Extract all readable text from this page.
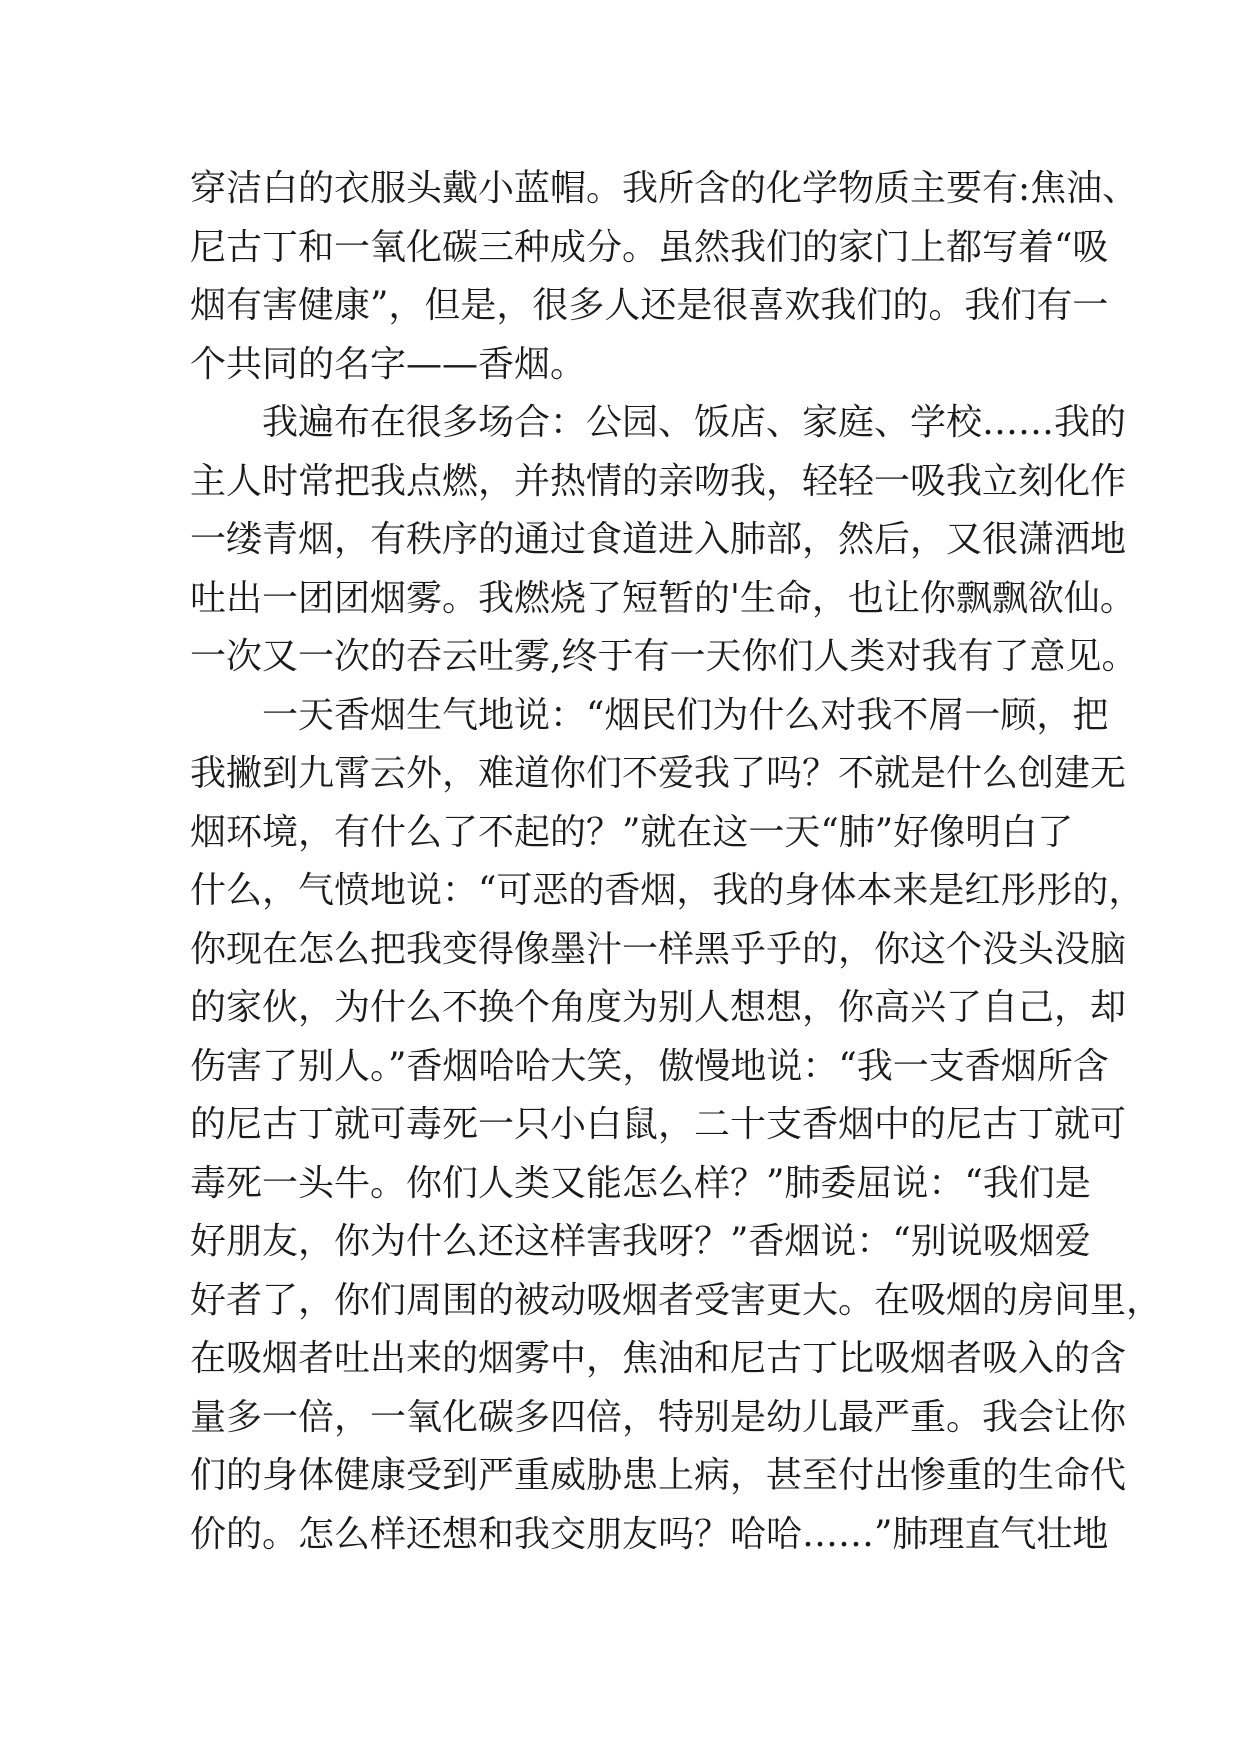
穿洁白的衣服头戴小蓝帽。我所含的化学物质主要有:焦油、
尼古丁和一氧化碳三种成分。虽然我们的家门上都写着“吸
烟有害健康”，但是，很多人还是很喜欢我们的。我们有一
个共同的名字——香烟。
我遍布在很多场合：公园、饭店、家庭、学校……我的
主人时常把我点燃，并热情的亲吻我，轻轻一吸我立刻化作
一缕青烟，有秩序的通过食道进入肺部，然后，又很潇洒地
吐出一团团烟雾。我燃烧了短暂的'生命，也让你飘飘欲仙。
一次又一次的吞云吐雾,终于有一天你们人类对我有了意见。
一天香烟生气地说：“烟民们为什么对我不屑一顾，把
我撇到九霄云外，难道你们不爱我了吗？不就是什么创建无
烟环境，有什么了不起的？”就在这一天“肺”好像明白了
什么，气愤地说：“可恶的香烟，我的身体本来是红彤彤的，
你现在怎么把我变得像墨汁一样黑乎乎的，你这个没头没脑
的家伙，为什么不换个角度为别人想想，你高兴了自己，却
伤害了别人。”香烟哈哈大笑，傲慢地说：“我一支香烟所含
的尼古丁就可毒死一只小白鼠，二十支香烟中的尼古丁就可
毒死一头牛。你们人类又能怎么样？”肺委屈说：“我们是
好朋友，你为什么还这样害我呀？”香烟说：“别说吸烟爱
好者了，你们周围的被动吸烟者受害更大。在吸烟的房间里，
在吸烟者吐出来的烟雾中，焦油和尼古丁比吸烟者吸入的含
量多一倍，一氧化碳多四倍，特别是幼儿最严重。我会让你
们的身体健康受到严重威胁患上病，甚至付出惨重的生命代
价的。怎么样还想和我交朋友吗？哈哈……”肺理直气壮地
